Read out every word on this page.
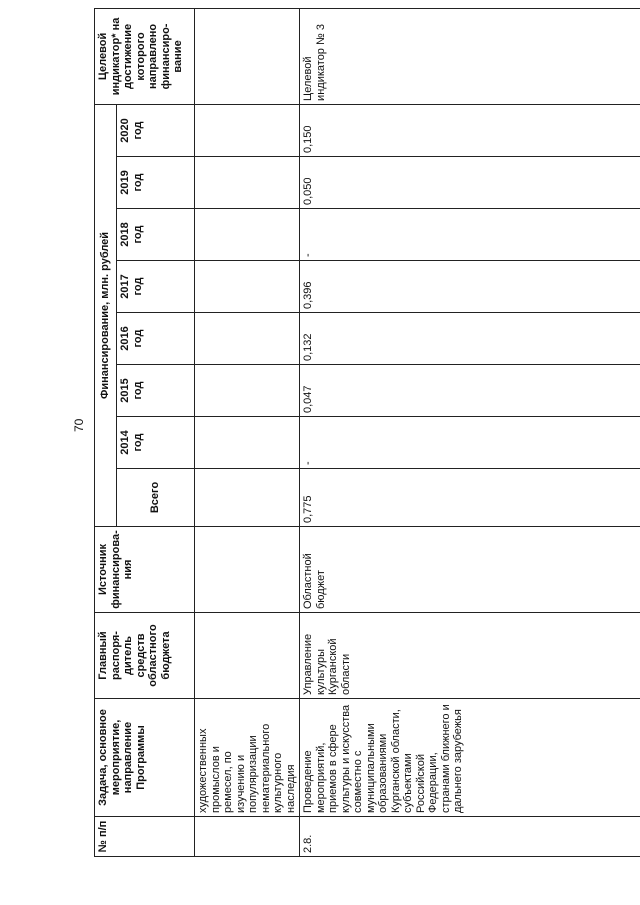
70
№ п/п	Задача, основное мероприятие, направление Программы	Главный распоря-дитель средств областного бюджета	Источник финансирова-ния	Финансирование, млн. рублей								Целевой индикатор* на достижение которого направлено финансиро-вание
				Всего	2014 год	2015 год	2016 год	2017 год	2018 год	2019 год	2020 год	
	художественных промыслов и ремесел, по изучению и популяризации нематериального культурного наследия											
2.8.	Проведение мероприятий, приемов в сфере культуры и искусства совместно с муниципальными образованиями Курганской области, субъектами Российской Федерации, странами ближнего и дальнего зарубежья	Управление культуры Курганской области	Областной бюджет	0,775	-	0,047	0,132	0,396	-	0,050	0,150	Целевой индикатор № 3
